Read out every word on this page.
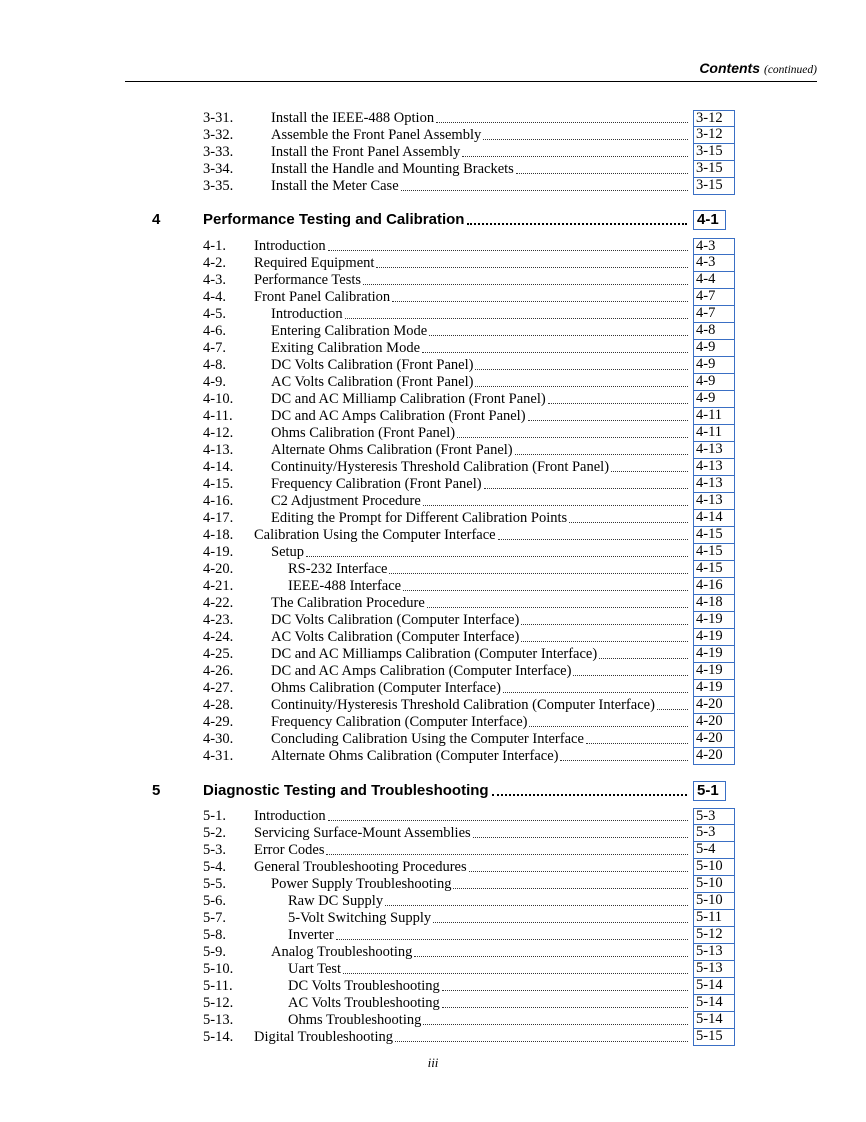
Contents (continued)
3-31.	Install the IEEE-488 Option	3-12
3-32.	Assemble the Front Panel Assembly	3-12
3-33.	Install the Front Panel Assembly	3-15
3-34.	Install the Handle and Mounting Brackets	3-15
3-35.	Install the Meter Case	3-15
4	Performance Testing and Calibration	4-1
4-1. Introduction	4-3
4-2. Required Equipment	4-3
4-3. Performance Tests	4-4
4-4. Front Panel Calibration	4-7
4-5.	Introduction	4-7
4-6.	Entering Calibration Mode	4-8
4-7.	Exiting Calibration Mode	4-9
4-8.	DC Volts Calibration (Front Panel)	4-9
4-9.	AC Volts Calibration (Front Panel)	4-9
4-10.	DC and AC Milliamp Calibration (Front Panel)	4-9
4-11.	DC and AC Amps Calibration (Front Panel)	4-11
4-12.	Ohms Calibration (Front Panel)	4-11
4-13.	Alternate Ohms Calibration (Front Panel)	4-13
4-14.	Continuity/Hysteresis Threshold Calibration (Front Panel)	4-13
4-15.	Frequency Calibration (Front Panel)	4-13
4-16.	C2 Adjustment Procedure	4-13
4-17.	Editing the Prompt for Different Calibration Points	4-14
4-18. Calibration Using the Computer Interface	4-15
4-19.	Setup	4-15
4-20.	RS-232 Interface	4-15
4-21.	IEEE-488 Interface	4-16
4-22.	The Calibration Procedure	4-18
4-23.	DC Volts Calibration (Computer Interface)	4-19
4-24.	AC Volts Calibration (Computer Interface)	4-19
4-25.	DC and AC Milliamps Calibration (Computer Interface)	4-19
4-26.	DC and AC Amps Calibration (Computer Interface)	4-19
4-27.	Ohms Calibration (Computer Interface)	4-19
4-28.	Continuity/Hysteresis Threshold Calibration (Computer Interface)	4-20
4-29.	Frequency Calibration (Computer Interface)	4-20
4-30.	Concluding Calibration Using the Computer Interface	4-20
4-31.	Alternate Ohms Calibration (Computer Interface)	4-20
5	Diagnostic Testing and Troubleshooting	5-1
5-1. Introduction	5-3
5-2. Servicing Surface-Mount Assemblies	5-3
5-3. Error Codes	5-4
5-4. General Troubleshooting Procedures	5-10
5-5.	Power Supply Troubleshooting	5-10
5-6.	Raw DC Supply	5-10
5-7.	5-Volt Switching Supply	5-11
5-8.	Inverter	5-12
5-9.	Analog Troubleshooting	5-13
5-10.	Uart Test	5-13
5-11.	DC Volts Troubleshooting	5-14
5-12.	AC Volts Troubleshooting	5-14
5-13.	Ohms Troubleshooting	5-14
5-14. Digital Troubleshooting	5-15
iii
